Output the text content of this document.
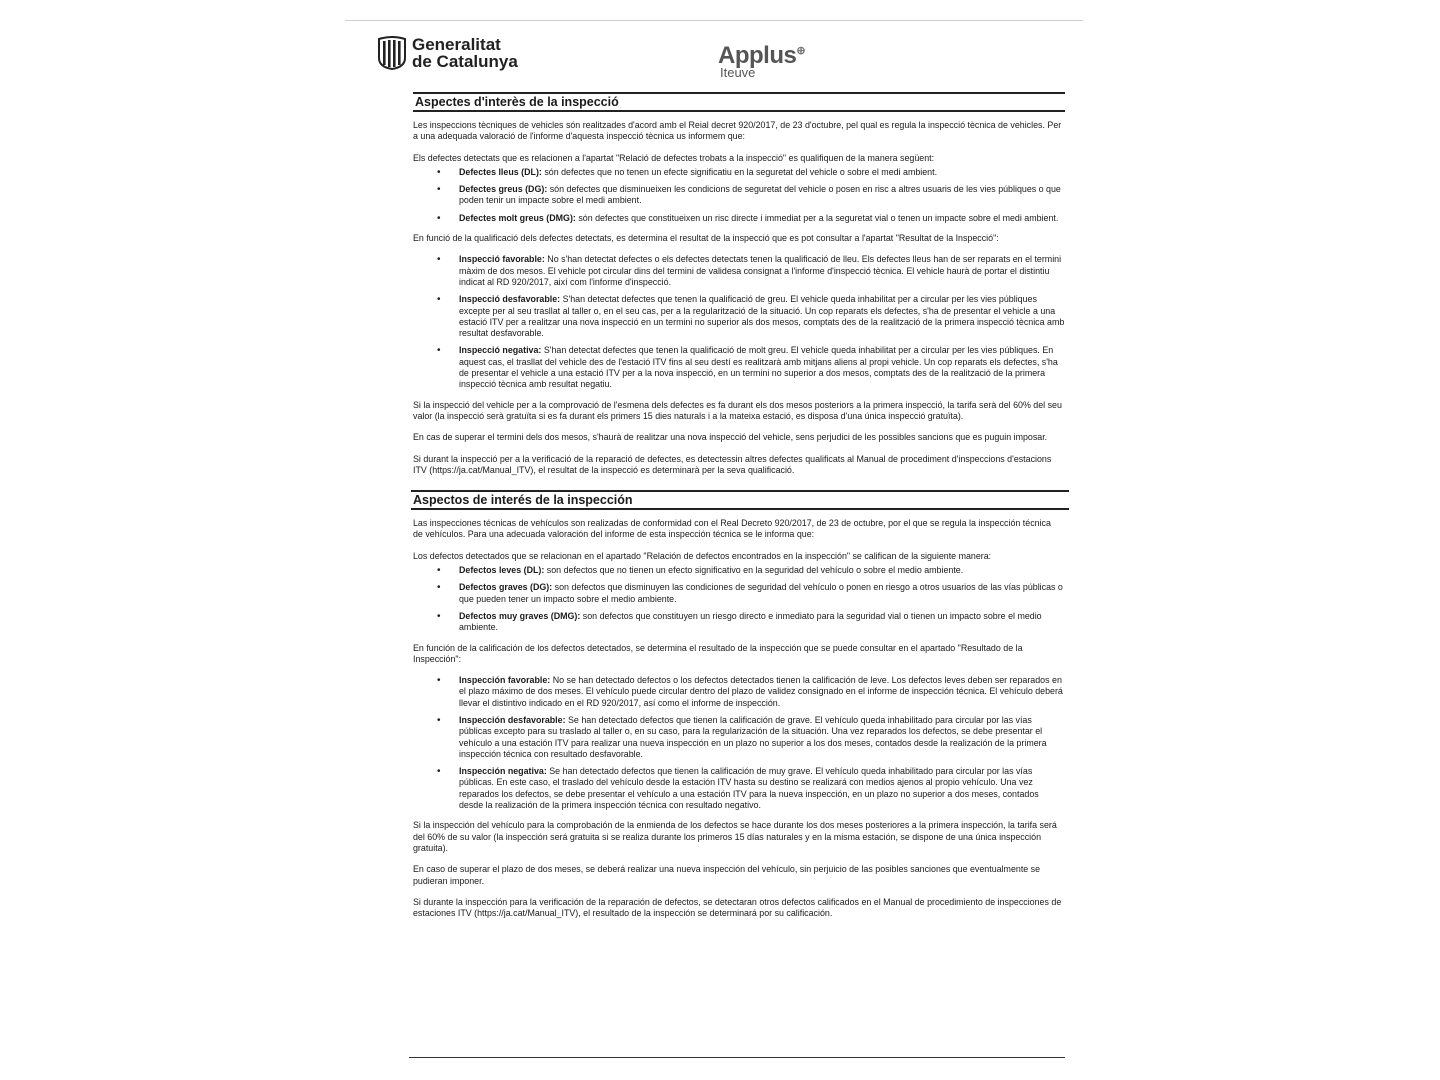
Generalitat
de Catalunya	Applus⊕
Iteuve
Aspectes d'interès de la inspecció

Les inspeccions tècniques de vehicles són realitzades d'acord amb el Reial decret 920/2017, de 23 d'octubre, pel qual es regula la inspecció tècnica de vehicles. Per a una adequada valoració de l'informe d'aquesta inspecció tècnica us informem que:

Els defectes detectats que es relacionen a l'apartat "Relació de defectes trobats a la inspecció" es qualifiquen de la manera següent:

• Defectes lleus (DL): són defectes que no tenen un efecte significatiu en la seguretat del vehicle o sobre el medi ambient.
• Defectes greus (DG): són defectes que disminueixen les condicions de seguretat del vehicle o posen en risc a altres usuaris de les vies públiques o que poden tenir un impacte sobre el medi ambient.
• Defectes molt greus (DMG): són defectes que constitueixen un risc directe i immediat per a la seguretat vial o tenen un impacte sobre el medi ambient.

En funció de la qualificació dels defectes detectats, es determina el resultat de la inspecció que es pot consultar a l'apartat "Resultat de la Inspecció":

• Inspecció favorable: No s'han detectat defectes o els defectes detectats tenen la qualificació de lleu. Els defectes lleus han de ser reparats en el termini màxim de dos mesos. El vehicle pot circular dins del termini de validesa consignat a l'informe d'inspecció tècnica. El vehicle haurà de portar el distintiu indicat al RD 920/2017, així com l'informe d'inspecció.
• Inspecció desfavorable: S'han detectat defectes que tenen la qualificació de greu. El vehicle queda inhabilitat per a circular per les vies públiques excepte per al seu trasllat al taller o, en el seu cas, per a la regularització de la situació. Un cop reparats els defectes, s'ha de presentar el vehicle a una estació ITV per a realitzar una nova inspecció en un termini no superior als dos mesos, comptats des de la realització de la primera inspecció tècnica amb resultat desfavorable.
• Inspecció negativa: S'han detectat defectes que tenen la qualificació de molt greu. El vehicle queda inhabilitat per a circular per les vies públiques. En aquest cas, el trasllat del vehicle des de l'estació ITV fins al seu destí es realitzarà amb mitjans aliens al propi vehicle. Un cop reparats els defectes, s'ha de presentar el vehicle a una estació ITV per a la nova inspecció, en un termini no superior a dos mesos, comptats des de la realització de la primera inspecció tècnica amb resultat negatiu.

Si la inspecció del vehicle per a la comprovació de l'esmena dels defectes es fa durant els dos mesos posteriors a la primera inspecció, la tarifa serà del 60% del seu valor (la inspecció serà gratuïta si es fa durant els primers 15 dies naturals i a la mateixa estació, es disposa d'una única inspecció gratuïta).

En cas de superar el termini dels dos mesos, s'haurà de realitzar una nova inspecció del vehicle, sens perjudici de les possibles sancions que es puguin imposar.

Si durant la inspecció per a la verificació de la reparació de defectes, es detectessin altres defectes qualificats al Manual de procediment d'inspeccions d'estacions ITV (https://ja.cat/Manual_ITV), el resultat de la inspecció es determinarà per la seva qualificació.

Aspectos de interés de la inspección

Las inspecciones técnicas de vehículos son realizadas de conformidad con el Real Decreto 920/2017, de 23 de octubre, por el que se regula la inspección técnica de vehículos. Para una adecuada valoración del informe de esta inspección técnica se le informa que:

Los defectos detectados que se relacionan en el apartado "Relación de defectos encontrados en la inspección" se califican de la siguiente manera:

• Defectos leves (DL): son defectos que no tienen un efecto significativo en la seguridad del vehículo o sobre el medio ambiente.
• Defectos graves (DG): son defectos que disminuyen las condiciones de seguridad del vehículo o ponen en riesgo a otros usuarios de las vías públicas o que pueden tener un impacto sobre el medio ambiente.
• Defectos muy graves (DMG): son defectos que constituyen un riesgo directo e inmediato para la seguridad vial o tienen un impacto sobre el medio ambiente.

En función de la calificación de los defectos detectados, se determina el resultado de la inspección que se puede consultar en el apartado "Resultado de la Inspección":

• Inspección favorable: No se han detectado defectos o los defectos detectados tienen la calificación de leve. Los defectos leves deben ser reparados en el plazo máximo de dos meses. El vehículo puede circular dentro del plazo de validez consignado en el informe de inspección técnica. El vehículo deberá llevar el distintivo indicado en el RD 920/2017, así como el informe de inspección.
• Inspección desfavorable: Se han detectado defectos que tienen la calificación de grave. El vehículo queda inhabilitado para circular por las vías públicas excepto para su traslado al taller o, en su caso, para la regularización de la situación. Una vez reparados los defectos, se debe presentar el vehículo a una estación ITV para realizar una nueva inspección en un plazo no superior a los dos meses, contados desde la realización de la primera inspección técnica con resultado desfavorable.
• Inspección negativa: Se han detectado defectos que tienen la calificación de muy grave. El vehículo queda inhabilitado para circular por las vías públicas. En este caso, el traslado del vehículo desde la estación ITV hasta su destino se realizará con medios ajenos al propio vehículo. Una vez reparados los defectos, se debe presentar el vehículo a una estación ITV para la nueva inspección, en un plazo no superior a dos meses, contados desde la realización de la primera inspección técnica con resultado negativo.

Si la inspección del vehículo para la comprobación de la enmienda de los defectos se hace durante los dos meses posteriores a la primera inspección, la tarifa será del 60% de su valor (la inspección será gratuita si se realiza durante los primeros 15 días naturales y en la misma estación, se dispone de una única inspección gratuita).

En caso de superar el plazo de dos meses, se deberá realizar una nueva inspección del vehículo, sin perjuicio de las posibles sanciones que eventualmente se pudieran imponer.

Si durante la inspección para la verificación de la reparación de defectos, se detectaran otros defectos calificados en el Manual de procedimiento de inspecciones de estaciones ITV (https://ja.cat/Manual_ITV), el resultado de la inspección se determinará por su calificación.
